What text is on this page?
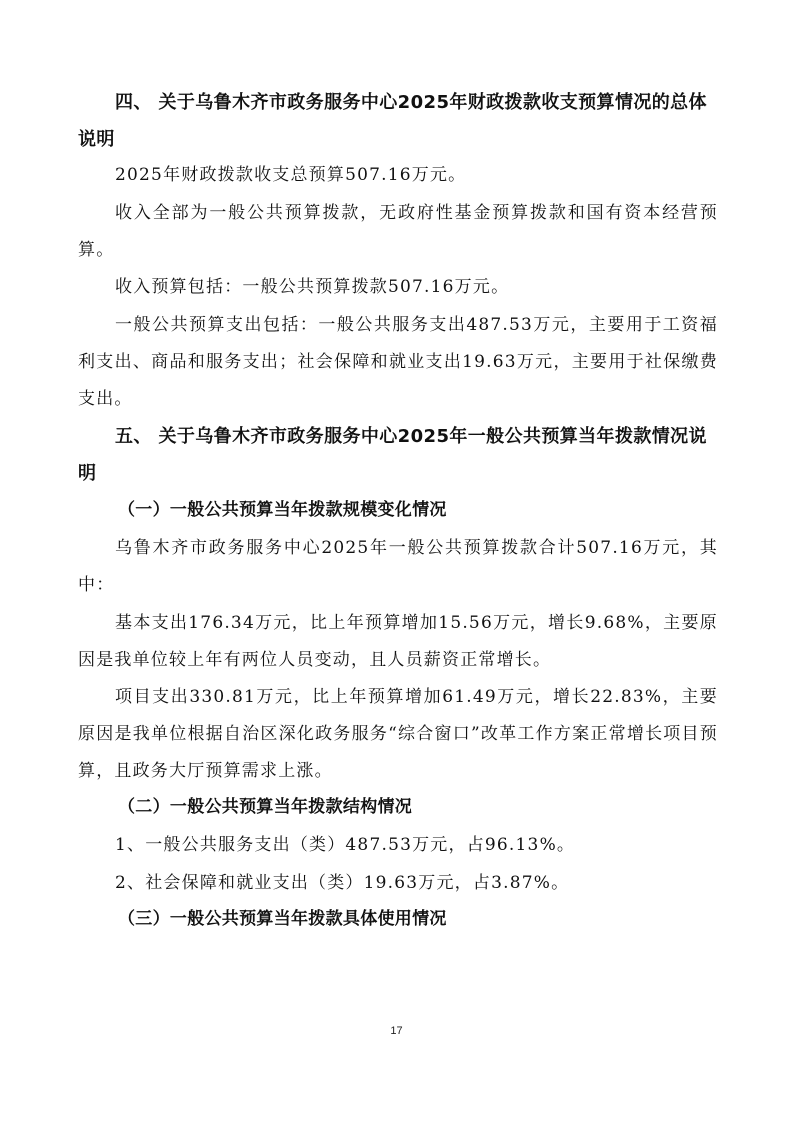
四、 关于乌鲁木齐市政务服务中心2025年财政拨款收支预算情况的总体说明
2025年财政拨款收支总预算507.16万元。
收入全部为一般公共预算拨款，无政府性基金预算拨款和国有资本经营预算。
收入预算包括：一般公共预算拨款507.16万元。
一般公共预算支出包括：一般公共服务支出487.53万元，主要用于工资福利支出、商品和服务支出；社会保障和就业支出19.63万元，主要用于社保缴费支出。
五、 关于乌鲁木齐市政务服务中心2025年一般公共预算当年拨款情况说明
（一）一般公共预算当年拨款规模变化情况
乌鲁木齐市政务服务中心2025年一般公共预算拨款合计507.16万元，其中：
基本支出176.34万元，比上年预算增加15.56万元，增长9.68%，主要原因是我单位较上年有两位人员变动，且人员薪资正常增长。
项目支出330.81万元，比上年预算增加61.49万元，增长22.83%，主要原因是我单位根据自治区深化政务服务“综合窗口”改革工作方案正常增长项目预算，且政务大厅预算需求上涨。
（二）一般公共预算当年拨款结构情况
1、一般公共服务支出（类）487.53万元，占96.13%。
2、社会保障和就业支出（类）19.63万元，占3.87%。
（三）一般公共预算当年拨款具体使用情况
17
